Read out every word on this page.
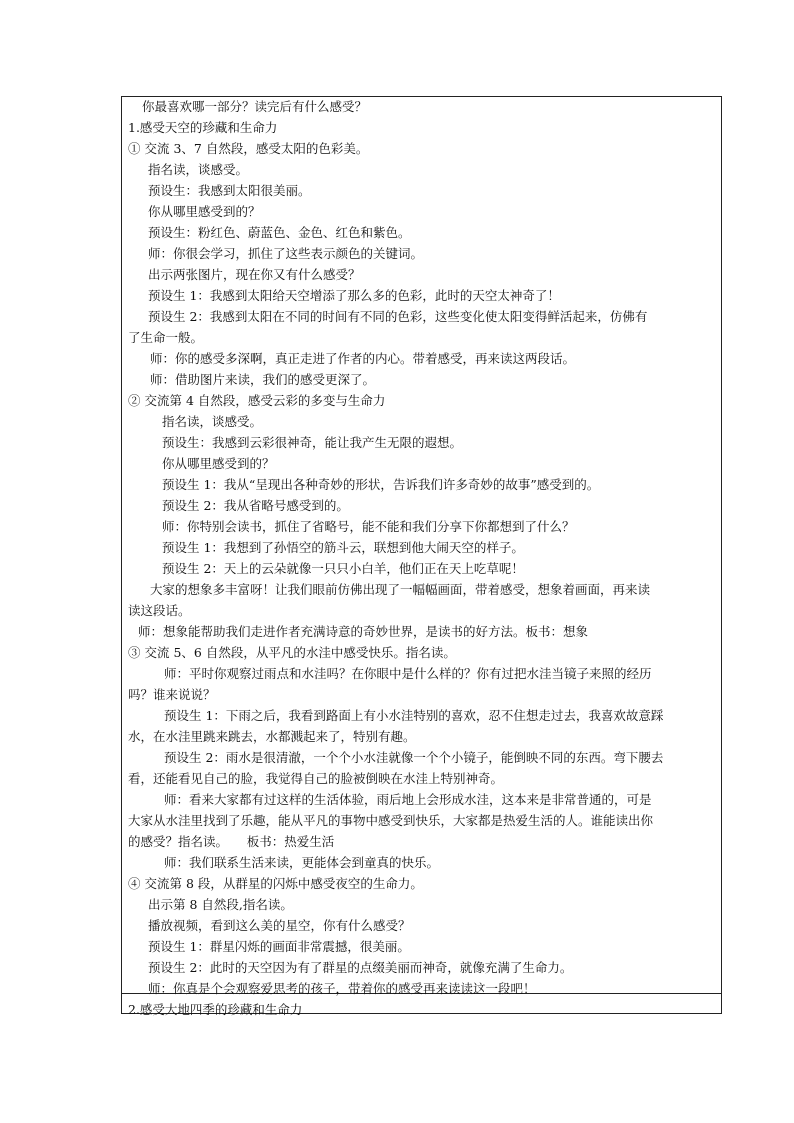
你最喜欢哪一部分？读完后有什么感受？

1.感受天空的珍藏和生命力

① 交流 3、7 自然段，感受太阳的色彩美。

指名读，谈感受。

预设生：我感到太阳很美丽。

你从哪里感受到的？

预设生：粉红色、蔚蓝色、金色、红色和紫色。

师：你很会学习，抓住了这些表示颜色的关键词。

出示两张图片，现在你又有什么感受？

预设生 1：我感到太阳给天空增添了那么多的色彩，此时的天空太神奇了！

预设生 2：我感到太阳在不同的时间有不同的色彩，这些变化使太阳变得鲜活起来，仿佛有

了生命一般。

师：你的感受多深啊，真正走进了作者的内心。带着感受，再来读这两段话。

师：借助图片来读，我们的感受更深了。

② 交流第 4 自然段，感受云彩的多变与生命力

指名读，谈感受。

预设生：我感到云彩很神奇，能让我产生无限的遐想。

你从哪里感受到的？

预设生 1：我从“呈现出各种奇妙的形状，告诉我们许多奇妙的故事”感受到的。

预设生 2：我从省略号感受到的。

师：你特别会读书，抓住了省略号，能不能和我们分享下你都想到了什么？

预设生 1：我想到了孙悟空的筋斗云，联想到他大闹天空的样子。

预设生 2：天上的云朵就像一只只小白羊，他们正在天上吃草呢！

大家的想象多丰富呀！让我们眼前仿佛出现了一幅幅画面，带着感受，想象着画面，再来读

读这段话。

师：想象能帮助我们走进作者充满诗意的奇妙世界，是读书的好方法。板书：想象

③ 交流 5、6 自然段，从平凡的水洼中感受快乐。指名读。

师：平时你观察过雨点和水洼吗？在你眼中是什么样的？你有过把水洼当镜子来照的经历

吗？谁来说说？

预设生 1：下雨之后，我看到路面上有小水洼特别的喜欢，忍不住想走过去，我喜欢故意踩

水，在水洼里跳来跳去，水都溅起来了，特别有趣。

预设生 2：雨水是很清澈，一个个小水洼就像一个个小镜子，能倒映不同的东西。弯下腰去

看，还能看见自己的脸，我觉得自己的脸被倒映在水洼上特别神奇。

师：看来大家都有过这样的生活体验，雨后地上会形成水洼，这本来是非常普通的，可是

大家从水洼里找到了乐趣，能从平凡的事物中感受到快乐，大家都是热爱生活的人。谁能读出你

的感受？指名读。　　板书：热爱生活

师：我们联系生活来读，更能体会到童真的快乐。

④ 交流第 8 段，从群星的闪烁中感受夜空的生命力。

出示第 8 自然段,指名读。

播放视频，看到这么美的星空，你有什么感受？

预设生 1：群星闪烁的画面非常震撼，很美丽。

预设生 2：此时的天空因为有了群星的点缀美丽而神奇，就像充满了生命力。

师：你真是个会观察爱思考的孩子，带着你的感受再来读读这一段吧！

2.感受大地四季的珍藏和生命力
